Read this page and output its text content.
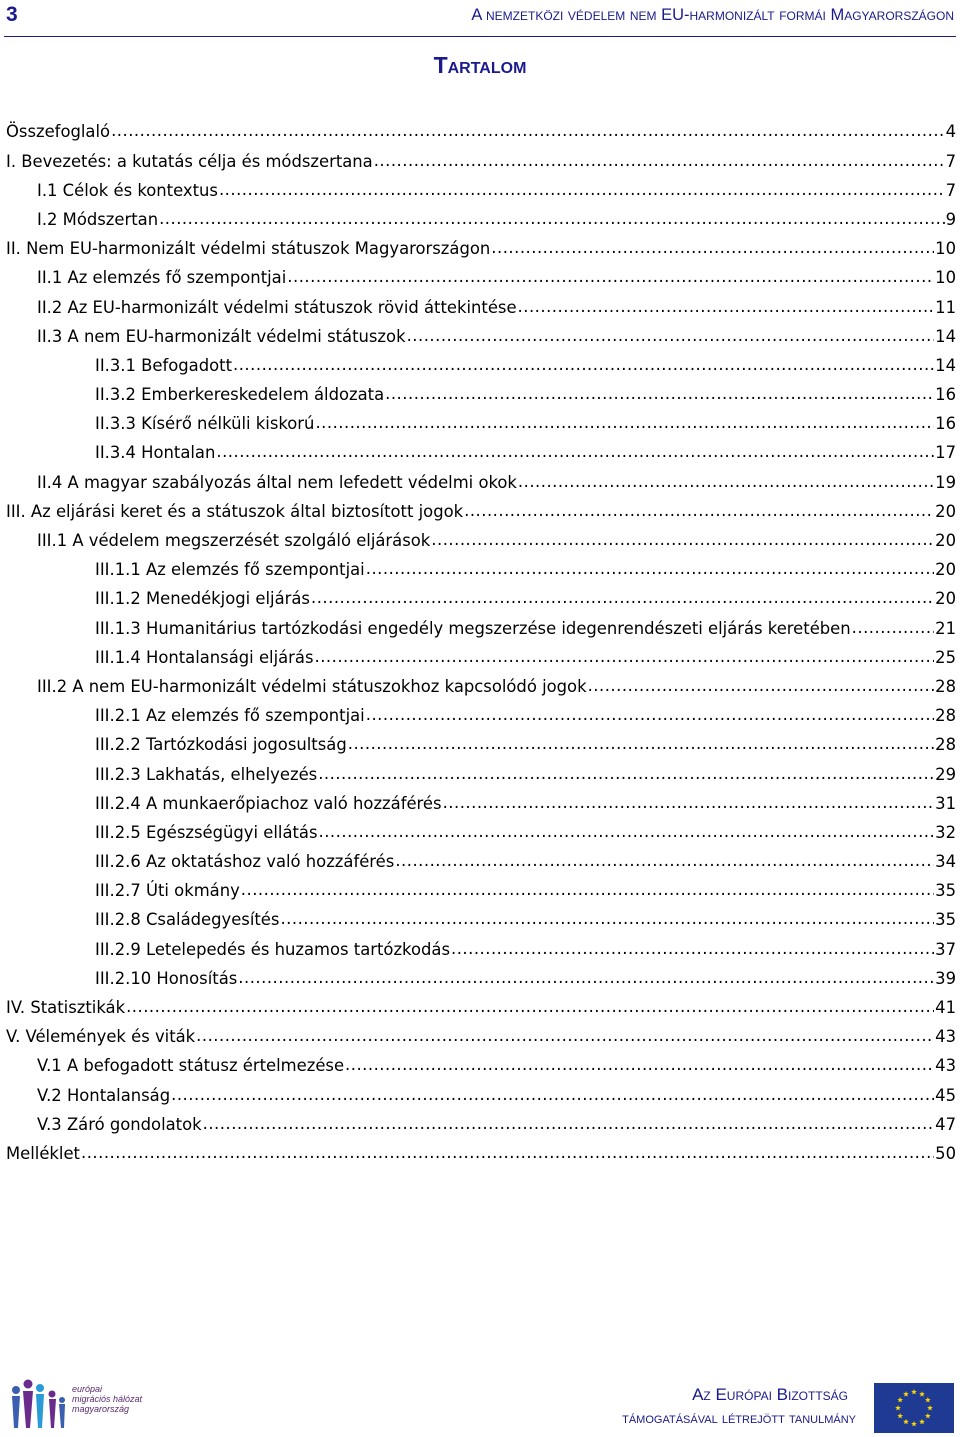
3	A nemzetközi védelem nem EU-harmonizált formái Magyarországon
Tartalom
Összefoglaló .....	4
I. Bevezetés: a kutatás célja és módszertana .....	7
I.1 Célok és kontextus .....	7
I.2 Módszertan .....	9
II. Nem EU-harmonizált védelmi státuszok Magyarországon .....	10
II.1 Az elemzés fő szempontjai .....	10
II.2 Az EU-harmonizált védelmi státuszok rövid áttekintése .....	11
II.3 A nem EU-harmonizált védelmi státuszok .....	14
II.3.1 Befogadott .....	14
II.3.2 Emberkereskedelem áldozata .....	16
II.3.3 Kísérő nélküli kiskorú .....	16
II.3.4 Hontalan .....	17
II.4 A magyar szabályozás által nem lefedett védelmi okok .....	19
III. Az eljárási keret és a státuszok által biztosított jogok .....	20
III.1 A védelem megszerzését szolgáló eljárások .....	20
III.1.1 Az elemzés fő szempontjai .....	20
III.1.2 Menedékjogi eljárás .....	20
III.1.3 Humanitárius tartózkodási engedély megszerzése idegenrendészeti eljárás keretében .....	21
III.1.4 Hontalansági eljárás .....	25
III.2 A nem EU-harmonizált védelmi státuszokhoz kapcsolódó jogok .....	28
III.2.1 Az elemzés fő szempontjai .....	28
III.2.2 Tartózkodási jogosultság .....	28
III.2.3 Lakhatás, elhelyezés .....	29
III.2.4 A munkaerőpiachoz való hozzáférés .....	31
III.2.5 Egészségügyi ellátás .....	32
III.2.6 Az oktatáshoz való hozzáférés .....	34
III.2.7 Úti okmány .....	35
III.2.8 Családegyesítés .....	35
III.2.9 Letelepedés és huzamos tartózkodás .....	37
III.2.10 Honosítás .....	39
IV. Statisztikák .....	41
V. Vélemények és viták .....	43
V.1 A befogadott státusz értelmezése .....	43
V.2 Hontalanság .....	45
V.3 Záró gondolatok .....	47
Melléklet .....	50
európai
migrációs hálózat
magyarország
Az Európai Bizottság
támogatásával létrejött tanulmány
